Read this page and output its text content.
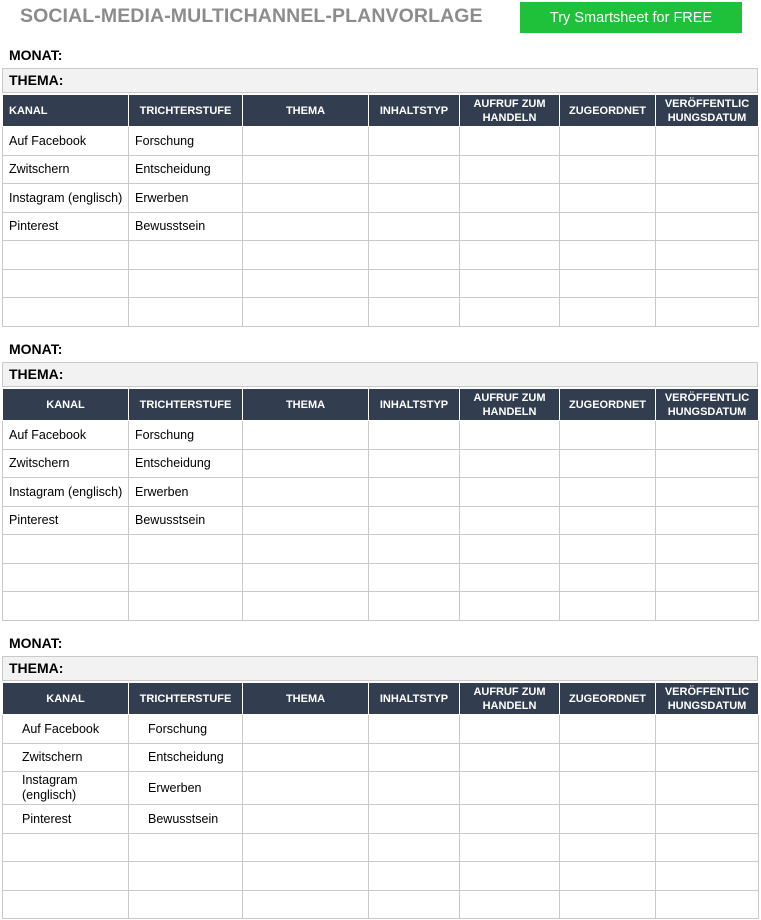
SOCIAL-MEDIA-MULTICHANNEL-PLANVORLAGE	Try Smartsheet for FREE
MONAT:
THEMA:
KANAL	TRICHTERSTUFE	THEMA	INHALTSTYP	AUFRUF ZUM HANDELN	ZUGEORDNET	VERÖFFENTLIC HUNGSDATUM
Auf Facebook	Forschung					
Zwitschern	Entscheidung					
Instagram (englisch)	Erwerben					
Pinterest	Bewusstsein					

MONAT:
THEMA:
KANAL	TRICHTERSTUFE	THEMA	INHALTSTYP	AUFRUF ZUM HANDELN	ZUGEORDNET	VERÖFFENTLIC HUNGSDATUM
Auf Facebook	Forschung					
Zwitschern	Entscheidung					
Instagram (englisch)	Erwerben					
Pinterest	Bewusstsein					

MONAT:
THEMA:
KANAL	TRICHTERSTUFE	THEMA	INHALTSTYP	AUFRUF ZUM HANDELN	ZUGEORDNET	VERÖFFENTLIC HUNGSDATUM
Auf Facebook	Forschung					
Zwitschern	Entscheidung					
Instagram (englisch)	Erwerben					
Pinterest	Bewusstsein					
